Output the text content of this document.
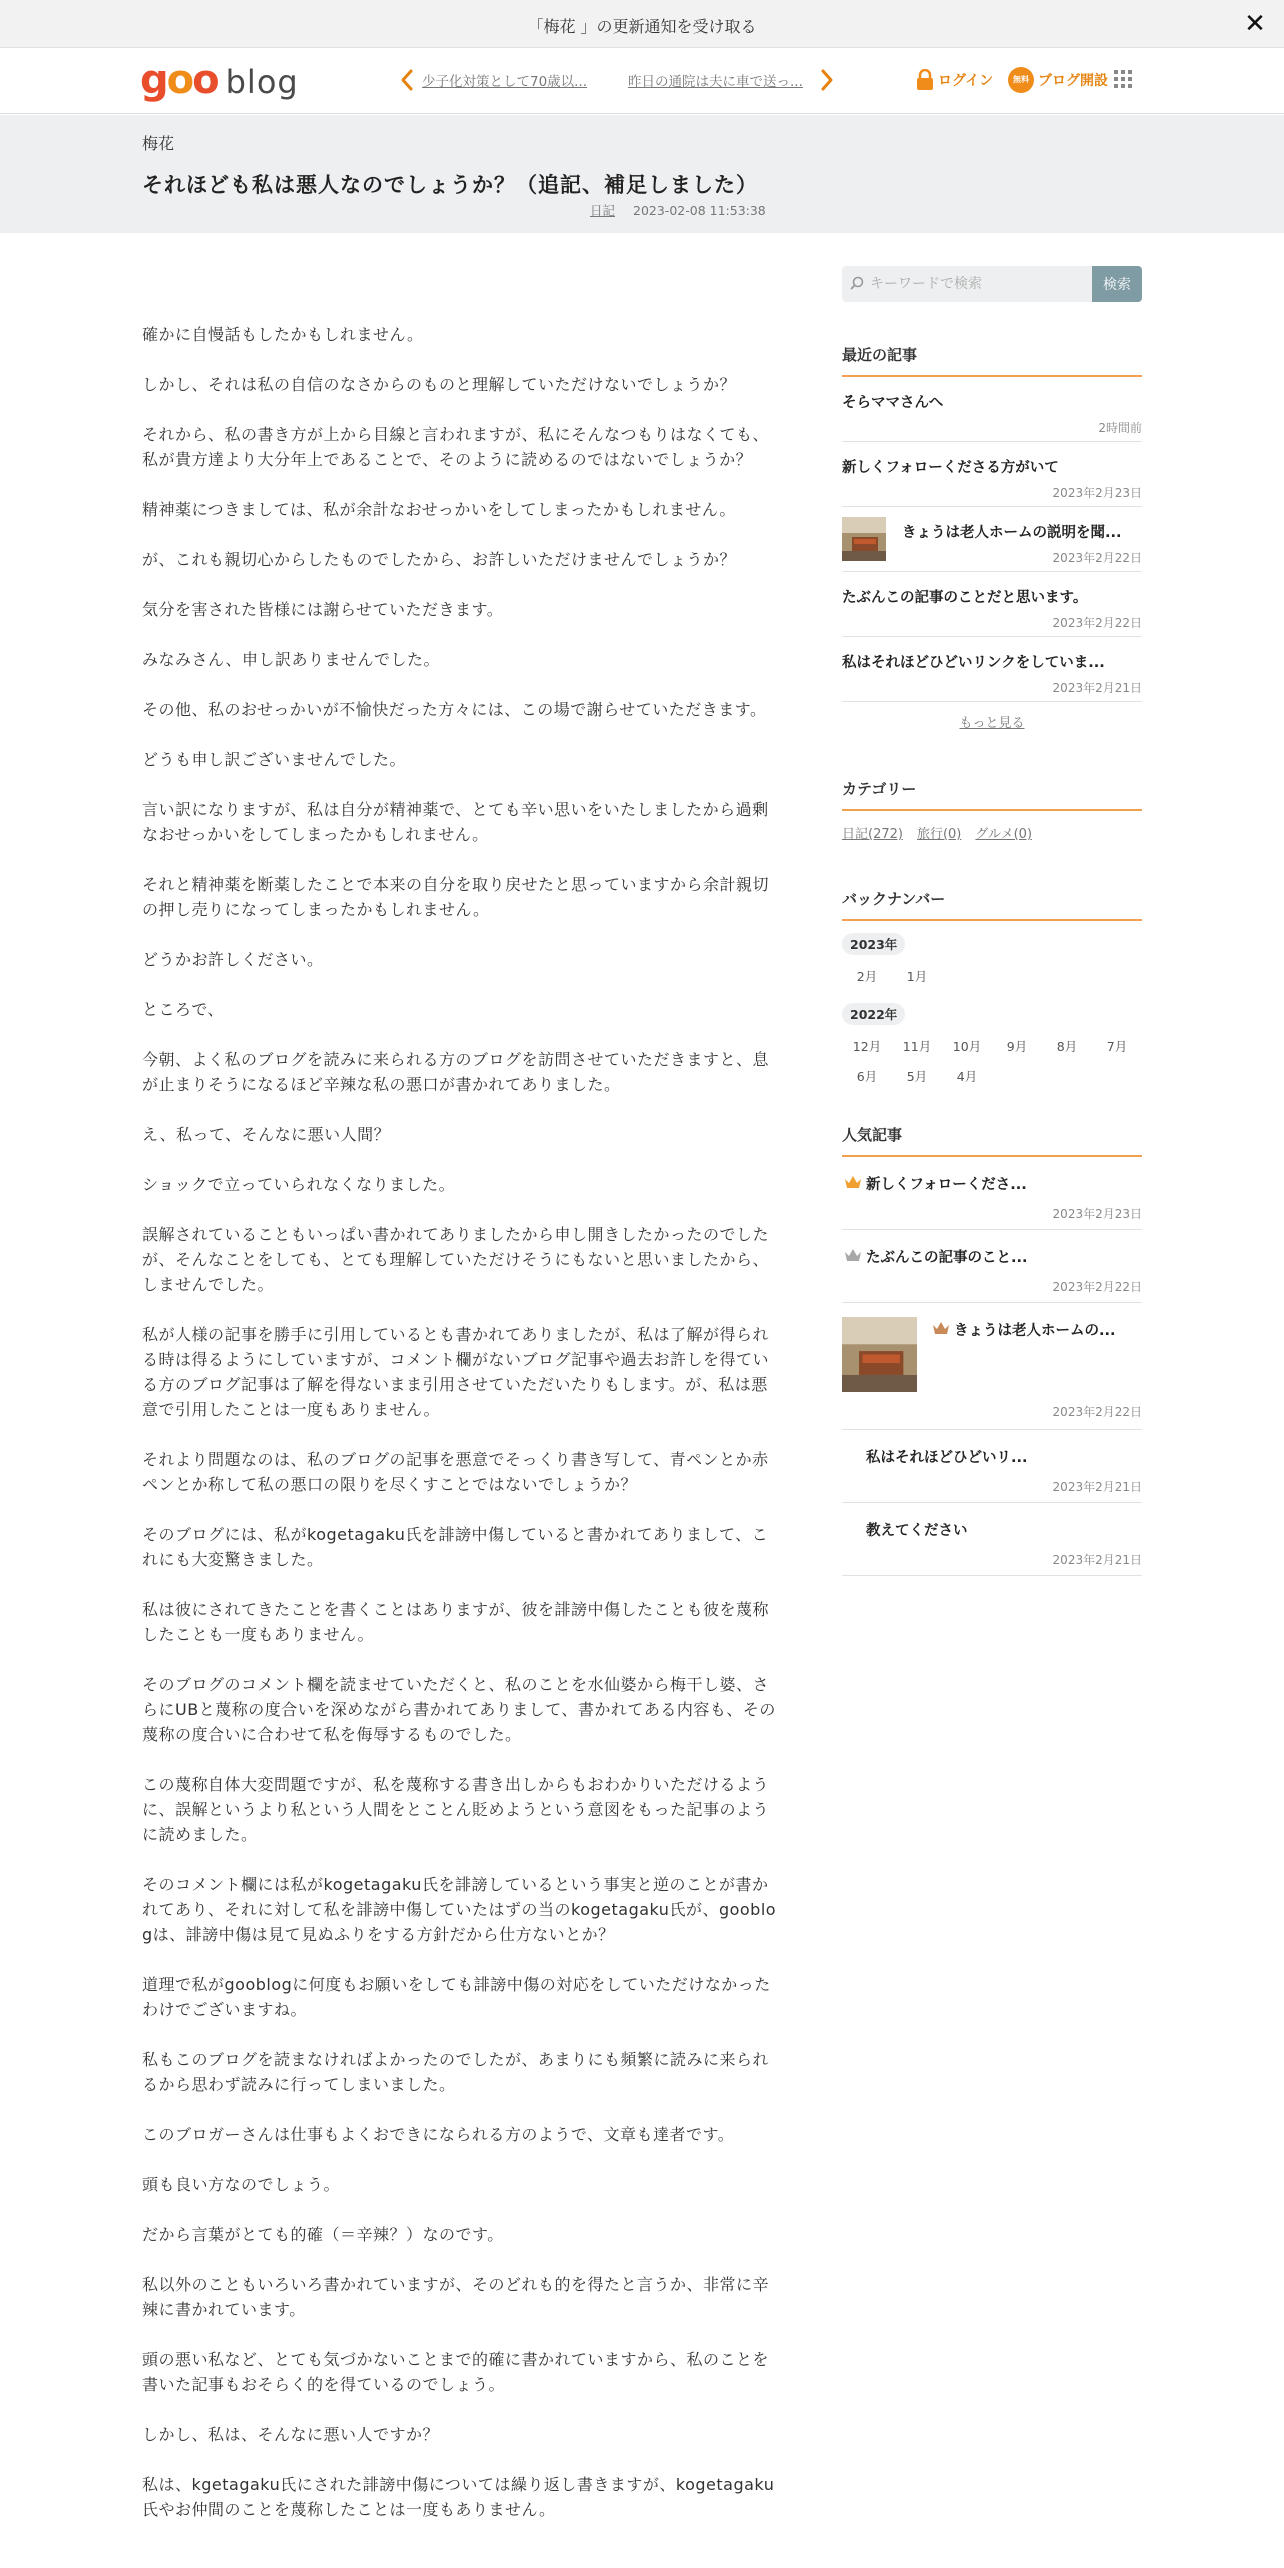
「梅花 」の更新通知を受け取る	✕
goo blog	少子化対策として70歳以...	昨日の通院は夫に車で送っ...	ログイン	無料 ブログ開設
梅花
それほども私は悪人なのでしょうか？（追記、補足しました）
日記 2023-02-08 11:53:38

確かに自慢話もしたかもしれません。

しかし、それは私の自信のなさからのものと理解していただけないでしょうか？

それから、私の書き方が上から目線と言われますが、私にそんなつもりはなくても、私が貴方達より大分年上であることで、そのように読めるのではないでしょうか？

精神薬につきましては、私が余計なおせっかいをしてしまったかもしれません。

が、これも親切心からしたものでしたから、お許しいただけませんでしょうか？

気分を害された皆様には謝らせていただきます。

みなみさん、申し訳ありませんでした。

その他、私のおせっかいが不愉快だった方々には、この場で謝らせていただきます。

どうも申し訳ございませんでした。

言い訳になりますが、私は自分が精神薬で、とても辛い思いをいたしましたから過剰なおせっかいをしてしまったかもしれません。

それと精神薬を断薬したことで本来の自分を取り戻せたと思っていますから余計親切の押し売りになってしまったかもしれません。

どうかお許しください。

ところで、

今朝、よく私のブログを読みに来られる方のブログを訪問させていただきますと、息が止まりそうになるほど辛辣な私の悪口が書かれてありました。

え、私って、そんなに悪い人間？

ショックで立っていられなくなりました。

誤解されていることもいっぱい書かれてありましたから申し開きしたかったのでしたが、そんなことをしても、とても理解していただけそうにもないと思いましたから、しませんでした。

私が人様の記事を勝手に引用しているとも書かれてありましたが、私は了解が得られる時は得るようにしていますが、コメント欄がないブログ記事や過去お許しを得ている方のブログ記事は了解を得ないまま引用させていただいたりもします。が、私は悪意で引用したことは一度もありません。

それより問題なのは、私のブログの記事を悪意でそっくり書き写して、青ペンとか赤ペンとか称して私の悪口の限りを尽くすことではないでしょうか？

そのブログには、私がkogetagaku氏を誹謗中傷していると書かれてありまして、これにも大変驚きました。

私は彼にされてきたことを書くことはありますが、彼を誹謗中傷したことも彼を蔑称したことも一度もありません。

そのブログのコメント欄を読ませていただくと、私のことを水仙婆から梅干し婆、さらにUBと蔑称の度合いを深めながら書かれてありまして、書かれてある内容も、その蔑称の度合いに合わせて私を侮辱するものでした。

この蔑称自体大変問題ですが、私を蔑称する書き出しからもおわかりいただけるように、誤解というより私という人間をとことん貶めようという意図をもった記事のように読めました。

そのコメント欄には私がkogetagaku氏を誹謗しているという事実と逆のことが書かれてあり、それに対して私を誹謗中傷していたはずの当のkogetagaku氏が、gooblogは、誹謗中傷は見て見ぬふりをする方針だから仕方ないとか？

道理で私がgooblogに何度もお願いをしても誹謗中傷の対応をしていただけなかったわけでございますね。

私もこのブログを読まなければよかったのでしたが、あまりにも頻繁に読みに来られるから思わず読みに行ってしまいました。

このブロガーさんは仕事もよくおできになられる方のようで、文章も達者です。

頭も良い方なのでしょう。

だから言葉がとても的確（＝辛辣？）なのです。

私以外のこともいろいろ書かれていますが、そのどれも的を得たと言うか、非常に辛辣に書かれています。

頭の悪い私など、とても気づかないことまで的確に書かれていますから、私のことを書いた記事もおそらく的を得ているのでしょう。

しかし、私は、そんなに悪い人ですか？

私は、kgetagaku氏にされた誹謗中傷については繰り返し書きますが、kogetagaku氏やお仲間のことを蔑称したことは一度もありません。

キーワードで検索
検索
最近の記事
そらママさんへ
2時間前
新しくフォローくださる方がいて
2023年2月23日
きょうは老人ホームの説明を聞...
2023年2月22日
たぶんこの記事のことだと思います。
2023年2月22日
私はそれほどひどいリンクをしていま...
2023年2月21日
もっと見る
カテゴリー
日記(272) 旅行(0) グルメ(0)
バックナンバー
2023年
2月	1月
2022年
12月	11月	10月	9月	8月	7月
6月	5月	4月
人気記事
新しくフォローくださ...
2023年2月23日
たぶんこの記事のこと...
2023年2月22日
きょうは老人ホームの...
2023年2月22日
私はそれほどひどいリ...
2023年2月21日
教えてください
2023年2月21日
